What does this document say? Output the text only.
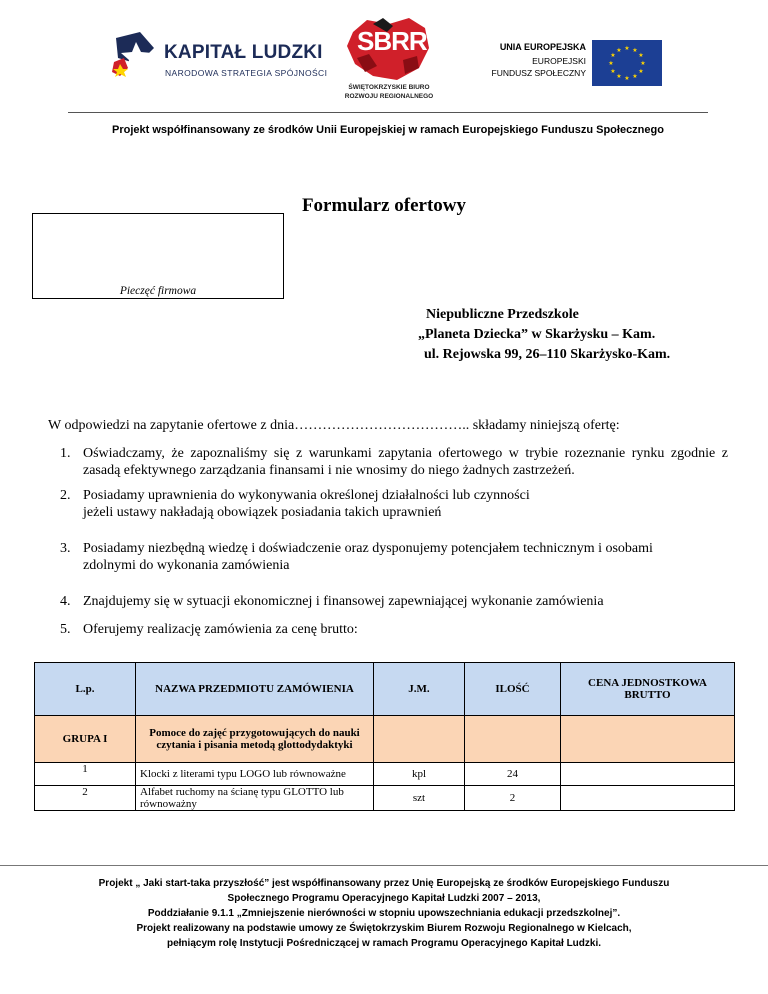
KAPITAŁ LUDZKI
NARODOWA STRATEGIA SPÓJNOŚCI
SBRR
ŚWIĘTOKRZYSKIE BIURO
ROZWOJU REGIONALNEGO
UNIA EUROPEJSKA
EUROPEJSKI
FUNDUSZ SPOŁECZNY
★ ★
★
★
★
★
★
★
★
★
★
★
Projekt współfinansowany ze środków Unii Europejskiej w ramach Europejskiego Funduszu Społecznego
Formularz ofertowy
Pieczęć firmowa
Niepubliczne Przedszkole
„Planeta Dziecka” w Skarżysku – Kam.
ul. Rejowska 99, 26–110 Skarżysko-Kam.
W odpowiedzi na zapytanie ofertowe z dnia……………………………….. składamy niniejszą ofertę:
1. Oświadczamy, że zapoznaliśmy się z warunkami zapytania ofertowego w trybie rozeznanie rynku zgodnie z zasadą efektywnego zarządzania finansami i nie wnosimy do niego żadnych zastrzeżeń.
2. Posiadamy uprawnienia do wykonywania określonej działalności lub czynności jeżeli ustawy nakładają obowiązek posiadania takich uprawnień
3. Posiadamy niezbędną wiedzę i doświadczenie oraz dysponujemy potencjałem technicznym i osobami zdolnymi do wykonania zamówienia
4. Znajdujemy się w sytuacji ekonomicznej i finansowej zapewniającej wykonanie zamówienia
5. Oferujemy realizację zamówienia za cenę brutto:
L.p.	NAZWA PRZEDMIOTU ZAMÓWIENIA	J.M.	ILOŚĆ	CENA JEDNOSTKOWA BRUTTO
GRUPA I	Pomoce do zajęć przygotowujących do nauki czytania i pisania metodą glottodydaktyki			
1	Klocki z literami typu LOGO lub równoważne	kpl	24	
2	Alfabet ruchomy na ścianę typu GLOTTO lub równoważny	szt	2	
Projekt „ Jaki start-taka przyszłość” jest współfinansowany przez Unię Europejską ze środków Europejskiego Funduszu
Społecznego Programu Operacyjnego Kapitał Ludzki 2007 – 2013,
Poddziałanie 9.1.1 „Zmniejszenie nierówności w stopniu upowszechniania edukacji przedszkolnej”.
Projekt realizowany na podstawie umowy ze Świętokrzyskim Biurem Rozwoju Regionalnego w Kielcach,
pełniącym rolę Instytucji Pośredniczącej w ramach Programu Operacyjnego Kapitał Ludzki.
